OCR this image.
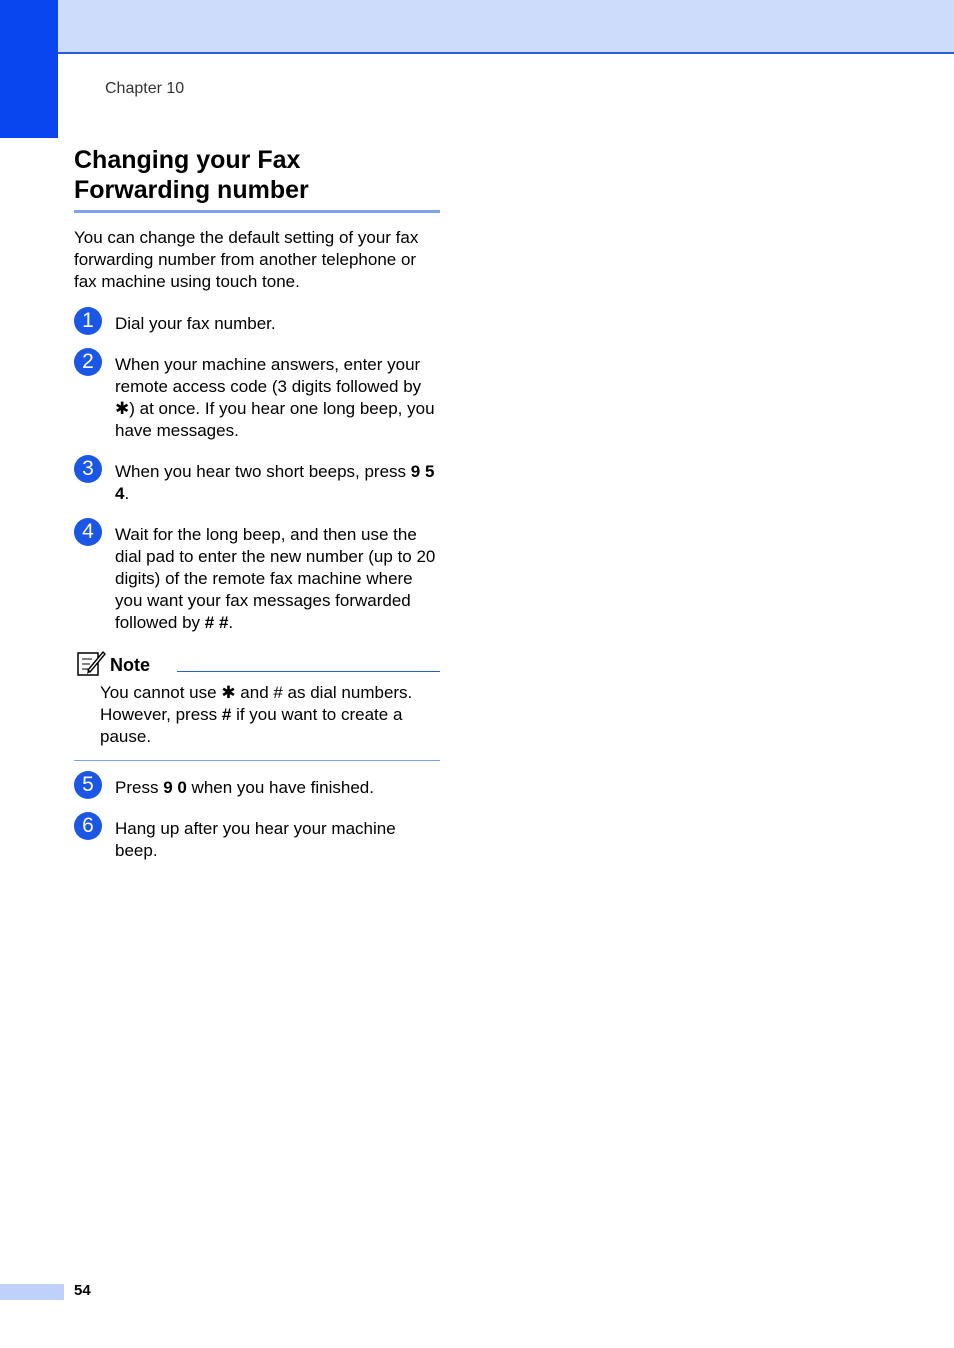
Chapter 10
Changing your Fax
Forwarding number

You can change the default setting of your fax forwarding number from another telephone or fax machine using touch tone.

1	Dial your fax number.

2	When your machine answers, enter your remote access code (3 digits followed by ✱) at once. If you hear one long beep, you have messages.

3	When you hear two short beeps, press 9 5 4.

4	Wait for the long beep, and then use the dial pad to enter the new number (up to 20 digits) of the remote fax machine where you want your fax messages forwarded followed by # #.

Note

You cannot use ✱ and # as dial numbers. However, press # if you want to create a pause.

5	Press 9 0 when you have finished.

6	Hang up after you hear your machine beep.

54
